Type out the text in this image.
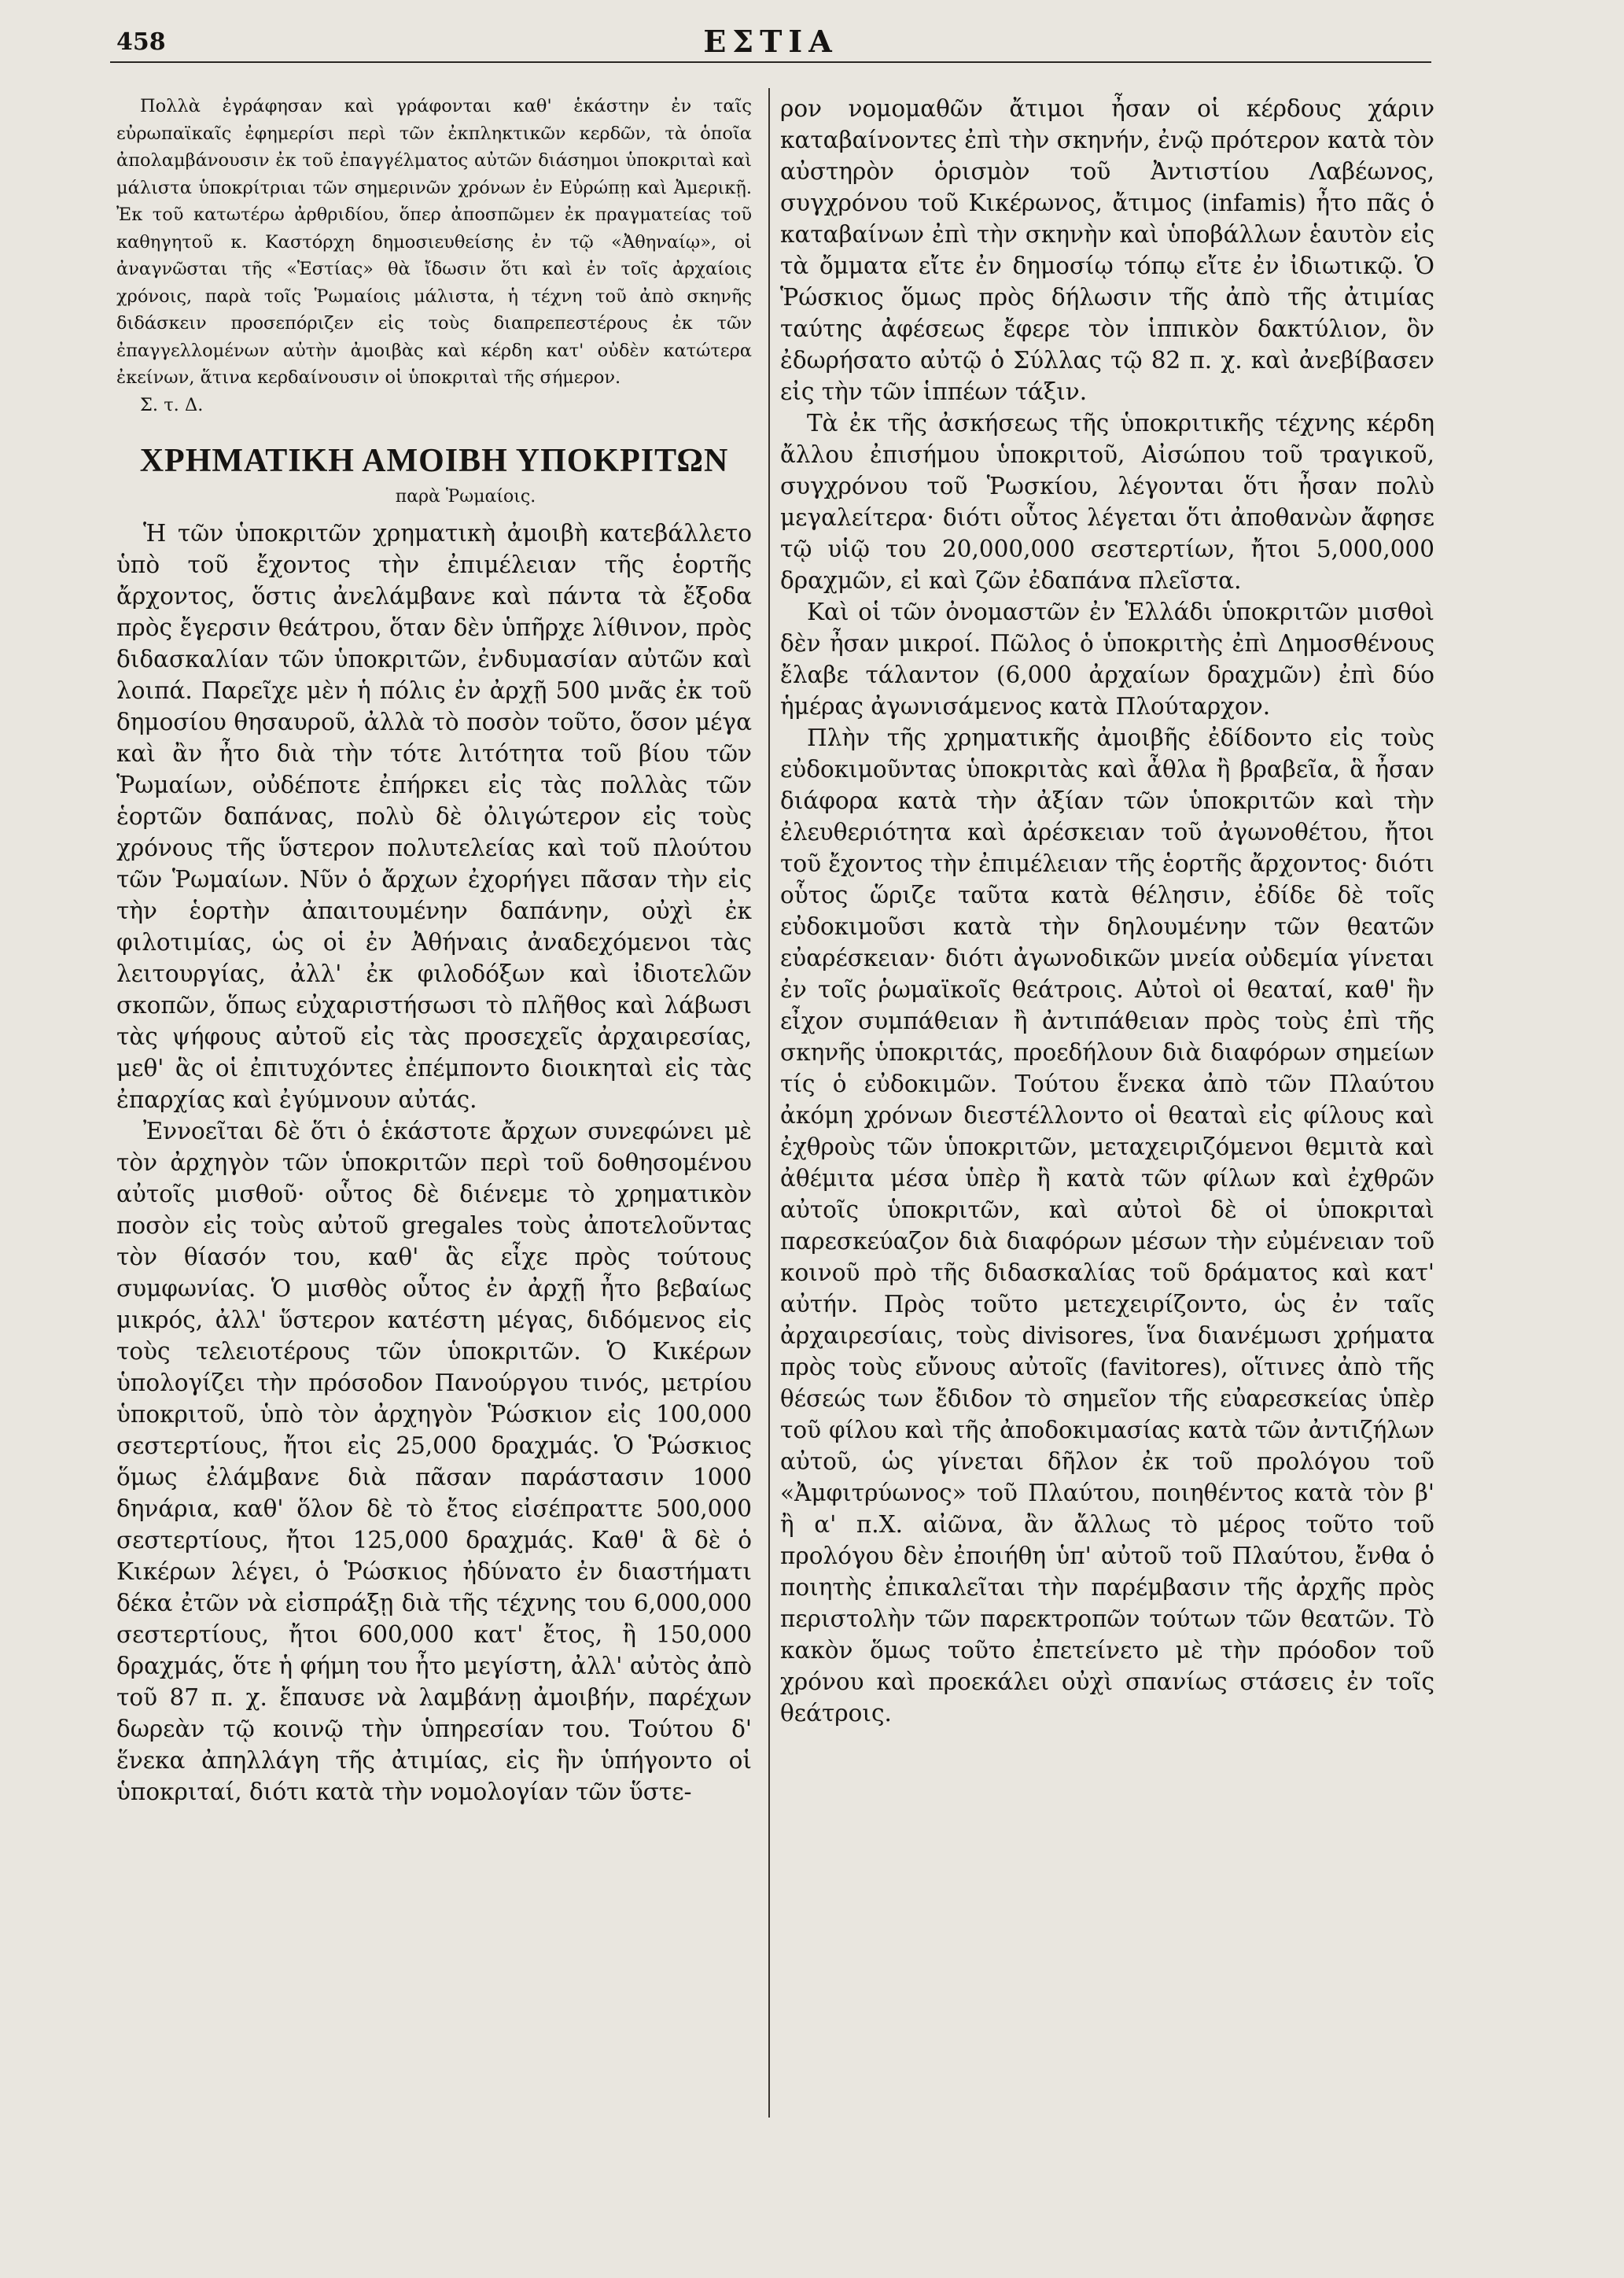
458	ΕΣΤΙΑ

Πολλὰ ἐγράφησαν καὶ γράφονται καθ' ἑκάστην ἐν ταῖς εὐρωπαϊκαῖς ἐφημερίσι περὶ τῶν ἐκπληκτικῶν κερδῶν, τὰ ὁποῖα ἀπολαμβάνουσιν ἐκ τοῦ ἐπαγγέλματος αὐτῶν διάσημοι ὑποκριταὶ καὶ μάλιστα ὑποκρίτριαι τῶν σημερινῶν χρόνων ἐν Εὐρώπῃ καὶ Ἀμερικῇ. Ἐκ τοῦ κατωτέρω ἀρθριδίου, ὅπερ ἀποσπῶμεν ἐκ πραγματείας τοῦ καθηγητοῦ κ. Καστόρχη δημοσιευθείσης ἐν τῷ «Ἀθηναίῳ», οἱ ἀναγνῶσται τῆς «Ἑστίας» θὰ ἴδωσιν ὅτι καὶ ἐν τοῖς ἀρχαίοις χρόνοις, παρὰ τοῖς Ῥωμαίοις μάλιστα, ἡ τέχνη τοῦ ἀπὸ σκηνῆς διδάσκειν προσεπόριζεν εἰς τοὺς διαπρεπεστέρους ἐκ τῶν ἐπαγγελλομένων αὐτὴν ἀμοιβὰς καὶ κέρδη κατ' οὐδὲν κατώτερα ἐκείνων, ἅτινα κερδαίνουσιν οἱ ὑποκριταὶ τῆς σήμερον.

Σ. τ. Δ.

ΧΡΗΜΑΤΙΚΗ ΑΜΟΙΒΗ ΥΠΟΚΡΙΤΩΝ
παρὰ Ῥωμαίοις.

Ἡ τῶν ὑποκριτῶν χρηματικὴ ἀμοιβὴ κατεβάλλετο ὑπὸ τοῦ ἔχοντος τὴν ἐπιμέλειαν τῆς ἑορτῆς ἄρχοντος, ὅστις ἀνελάμβανε καὶ πάντα τὰ ἔξοδα πρὸς ἔγερσιν θεάτρου, ὅταν δὲν ὑπῆρχε λίθινον, πρὸς διδασκαλίαν τῶν ὑποκριτῶν, ἐνδυμασίαν αὐτῶν καὶ λοιπά. Παρεῖχε μὲν ἡ πόλις ἐν ἀρχῇ 500 μνᾶς ἐκ τοῦ δημοσίου θησαυροῦ, ἀλλὰ τὸ ποσὸν τοῦτο, ὅσον μέγα καὶ ἂν ἦτο διὰ τὴν τότε λιτότητα τοῦ βίου τῶν Ῥωμαίων, οὐδέποτε ἐπήρκει εἰς τὰς πολλὰς τῶν ἑορτῶν δαπάνας, πολὺ δὲ ὀλιγώτερον εἰς τοὺς χρόνους τῆς ὕστερον πολυτελείας καὶ τοῦ πλούτου τῶν Ῥωμαίων. Νῦν ὁ ἄρχων ἐχορήγει πᾶσαν τὴν εἰς τὴν ἑορτὴν ἀπαιτουμένην δαπάνην, οὐχὶ ἐκ φιλοτιμίας, ὡς οἱ ἐν Ἀθήναις ἀναδεχόμενοι τὰς λειτουργίας, ἀλλ' ἐκ φιλοδόξων καὶ ἰδιοτελῶν σκοπῶν, ὅπως εὐχαριστήσωσι τὸ πλῆθος καὶ λάβωσι τὰς ψήφους αὐτοῦ εἰς τὰς προσεχεῖς ἀρχαιρεσίας, μεθ' ἃς οἱ ἐπιτυχόντες ἐπέμποντο διοικηταὶ εἰς τὰς ἐπαρχίας καὶ ἐγύμνουν αὐτάς.

Ἐννοεῖται δὲ ὅτι ὁ ἑκάστοτε ἄρχων συνεφώνει μὲ τὸν ἀρχηγὸν τῶν ὑποκριτῶν περὶ τοῦ δοθησομένου αὐτοῖς μισθοῦ· οὗτος δὲ διένεμε τὸ χρηματικὸν ποσὸν εἰς τοὺς αὐτοῦ gregales τοὺς ἀποτελοῦντας τὸν θίασόν του, καθ' ἃς εἶχε πρὸς τούτους συμφωνίας. Ὁ μισθὸς οὗτος ἐν ἀρχῇ ἦτο βεβαίως μικρός, ἀλλ' ὕστερον κατέστη μέγας, διδόμενος εἰς τοὺς τελειοτέρους τῶν ὑποκριτῶν. Ὁ Κικέρων ὑπολογίζει τὴν πρόσοδον Πανούργου τινός, μετρίου ὑποκριτοῦ, ὑπὸ τὸν ἀρχηγὸν Ῥώσκιον εἰς 100,000 σεστερτίους, ἤτοι εἰς 25,000 δραχμάς. Ὁ Ῥώσκιος ὅμως ἐλάμβανε διὰ πᾶσαν παράστασιν 1000 δηνάρια, καθ' ὅλον δὲ τὸ ἔτος εἰσέπραττε 500,000 σεστερτίους, ἤτοι 125,000 δραχμάς. Καθ' ἃ δὲ ὁ Κικέρων λέγει, ὁ Ῥώσκιος ἠδύνατο ἐν διαστήματι δέκα ἐτῶν νὰ εἰσπράξῃ διὰ τῆς τέχνης του 6,000,000 σεστερτίους, ἤτοι 600,000 κατ' ἔτος, ἢ 150,000 δραχμάς, ὅτε ἡ φήμη του ἦτο μεγίστη, ἀλλ' αὐτὸς ἀπὸ τοῦ 87 π. χ. ἔπαυσε νὰ λαμβάνῃ ἀμοιβήν, παρέχων δωρεὰν τῷ κοινῷ τὴν ὑπηρεσίαν του. Τούτου δ' ἕνεκα ἀπηλλάγη τῆς ἀτιμίας, εἰς ἣν ὑπήγοντο οἱ ὑποκριταί, διότι κατὰ τὴν νομολογίαν τῶν ὕστε-

ρον νομομαθῶν ἄτιμοι ἦσαν οἱ κέρδους χάριν καταβαίνοντες ἐπὶ τὴν σκηνήν, ἐνῷ πρότερον κατὰ τὸν αὐστηρὸν ὁρισμὸν τοῦ Ἀντιστίου Λαβέωνος, συγχρόνου τοῦ Κικέρωνος, ἄτιμος (infamis) ἦτο πᾶς ὁ καταβαίνων ἐπὶ τὴν σκηνὴν καὶ ὑποβάλλων ἑαυτὸν εἰς τὰ ὄμματα εἴτε ἐν δημοσίῳ τόπῳ εἴτε ἐν ἰδιωτικῷ. Ὁ Ῥώσκιος ὅμως πρὸς δήλωσιν τῆς ἀπὸ τῆς ἀτιμίας ταύτης ἀφέσεως ἔφερε τὸν ἱππικὸν δακτύλιον, ὃν ἐδωρήσατο αὐτῷ ὁ Σύλλας τῷ 82 π. χ. καὶ ἀνεβίβασεν εἰς τὴν τῶν ἱππέων τάξιν.

Τὰ ἐκ τῆς ἀσκήσεως τῆς ὑποκριτικῆς τέχνης κέρδη ἄλλου ἐπισήμου ὑποκριτοῦ, Αἰσώπου τοῦ τραγικοῦ, συγχρόνου τοῦ Ῥωσκίου, λέγονται ὅτι ἦσαν πολὺ μεγαλείτερα· διότι οὗτος λέγεται ὅτι ἀποθανὼν ἄφησε τῷ υἱῷ του 20,000,000 σεστερτίων, ἤτοι 5,000,000 δραχμῶν, εἰ καὶ ζῶν ἐδαπάνα πλεῖστα.

Καὶ οἱ τῶν ὀνομαστῶν ἐν Ἑλλάδι ὑποκριτῶν μισθοὶ δὲν ἦσαν μικροί. Πῶλος ὁ ὑποκριτὴς ἐπὶ Δημοσθένους ἔλαβε τάλαντον (6,000 ἀρχαίων δραχμῶν) ἐπὶ δύο ἡμέρας ἀγωνισάμενος κατὰ Πλούταρχον.

Πλὴν τῆς χρηματικῆς ἀμοιβῆς ἐδίδοντο εἰς τοὺς εὐδοκιμοῦντας ὑποκριτὰς καὶ ἆθλα ἢ βραβεῖα, ἃ ἦσαν διάφορα κατὰ τὴν ἀξίαν τῶν ὑποκριτῶν καὶ τὴν ἐλευθεριότητα καὶ ἀρέσκειαν τοῦ ἀγωνοθέτου, ἤτοι τοῦ ἔχοντος τὴν ἐπιμέλειαν τῆς ἑορτῆς ἄρχοντος· διότι οὗτος ὥριζε ταῦτα κατὰ θέλησιν, ἐδίδε δὲ τοῖς εὐδοκιμοῦσι κατὰ τὴν δηλουμένην τῶν θεατῶν εὐαρέσκειαν· διότι ἀγωνοδικῶν μνεία οὐδεμία γίνεται ἐν τοῖς ῥωμαϊκοῖς θεάτροις. Αὐτοὶ οἱ θεαταί, καθ' ἣν εἶχον συμπάθειαν ἢ ἀντιπάθειαν πρὸς τοὺς ἐπὶ τῆς σκηνῆς ὑποκριτάς, προεδήλουν διὰ διαφόρων σημείων τίς ὁ εὐδοκιμῶν. Τούτου ἕνεκα ἀπὸ τῶν Πλαύτου ἀκόμη χρόνων διεστέλλοντο οἱ θεαταὶ εἰς φίλους καὶ ἐχθροὺς τῶν ὑποκριτῶν, μεταχειριζόμενοι θεμιτὰ καὶ ἀθέμιτα μέσα ὑπὲρ ἢ κατὰ τῶν φίλων καὶ ἐχθρῶν αὐτοῖς ὑποκριτῶν, καὶ αὐτοὶ δὲ οἱ ὑποκριταὶ παρεσκεύαζον διὰ διαφόρων μέσων τὴν εὐμένειαν τοῦ κοινοῦ πρὸ τῆς διδασκαλίας τοῦ δράματος καὶ κατ' αὐτήν. Πρὸς τοῦτο μετεχειρίζοντο, ὡς ἐν ταῖς ἀρχαιρεσίαις, τοὺς divisores, ἵνα διανέμωσι χρήματα πρὸς τοὺς εὔνους αὐτοῖς (favitores), οἵτινες ἀπὸ τῆς θέσεώς των ἔδιδον τὸ σημεῖον τῆς εὐαρεσκείας ὑπὲρ τοῦ φίλου καὶ τῆς ἀποδοκιμασίας κατὰ τῶν ἀντιζήλων αὐτοῦ, ὡς γίνεται δῆλον ἐκ τοῦ προλόγου τοῦ «Ἀμφιτρύωνος» τοῦ Πλαύτου, ποιηθέντος κατὰ τὸν β' ἢ α' π.Χ. αἰῶνα, ἂν ἄλλως τὸ μέρος τοῦτο τοῦ προλόγου δὲν ἐποιήθη ὑπ' αὐτοῦ τοῦ Πλαύτου, ἔνθα ὁ ποιητὴς ἐπικαλεῖται τὴν παρέμβασιν τῆς ἀρχῆς πρὸς περιστολὴν τῶν παρεκτροπῶν τούτων τῶν θεατῶν. Τὸ κακὸν ὅμως τοῦτο ἐπετείνετο μὲ τὴν πρόοδον τοῦ χρόνου καὶ προεκάλει οὐχὶ σπανίως στάσεις ἐν τοῖς θεάτροις.
